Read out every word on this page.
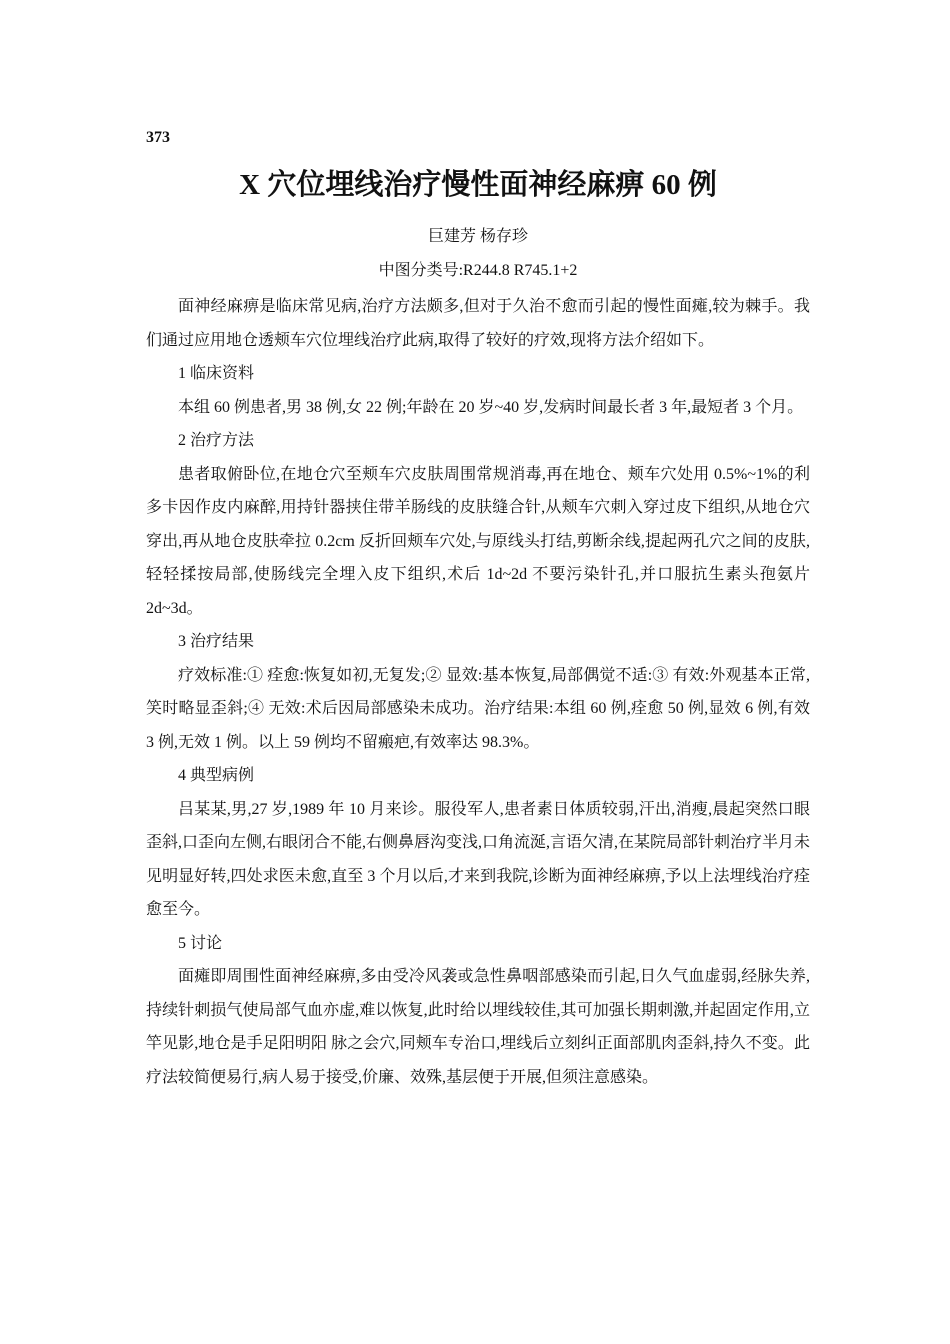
373
X 穴位埋线治疗慢性面神经麻痹 60 例
巨建芳 杨存珍
中图分类号:R244.8 R745.1+2

面神经麻痹是临床常见病,治疗方法颇多,但对于久治不愈而引起的慢性面瘫,较为棘手。我们通过应用地仓透颊车穴位埋线治疗此病,取得了较好的疗效,现将方法介绍如下。

1 临床资料

本组 60 例患者,男 38 例,女 22 例;年龄在 20 岁~40 岁,发病时间最长者 3 年,最短者 3 个月。

2 治疗方法

患者取俯卧位,在地仓穴至颊车穴皮肤周围常规消毒,再在地仓、颊车穴处用 0.5%~1%的利多卡因作皮内麻醉,用持针器挟住带羊肠线的皮肤缝合针,从颊车穴刺入穿过皮下组织,从地仓穴穿出,再从地仓皮肤牵拉 0.2cm 反折回颊车穴处,与原线头打结,剪断余线,提起两孔穴之间的皮肤,轻轻揉按局部,使肠线完全埋入皮下组织,术后 1d~2d 不要污染针孔,并口服抗生素头孢氨片 2d~3d。

3 治疗结果

疗效标准:① 痊愈:恢复如初,无复发;② 显效:基本恢复,局部偶觉不适:③ 有效:外观基本正常,笑时略显歪斜;④ 无效:术后因局部感染未成功。治疗结果:本组 60 例,痊愈 50 例,显效 6 例,有效 3 例,无效 1 例。以上 59 例均不留瘢疤,有效率达 98.3%。

4 典型病例

吕某某,男,27 岁,1989 年 10 月来诊。服役军人,患者素日体质较弱,汗出,消瘦,晨起突然口眼歪斜,口歪向左侧,右眼闭合不能,右侧鼻唇沟变浅,口角流涎,言语欠清,在某院局部针刺治疗半月未见明显好转,四处求医未愈,直至 3 个月以后,才来到我院,诊断为面神经麻痹,予以上法埋线治疗痊愈至今。

5 讨论

面瘫即周围性面神经麻痹,多由受冷风袭或急性鼻咽部感染而引起,日久气血虚弱,经脉失养,持续针刺损气使局部气血亦虚,难以恢复,此时给以埋线较佳,其可加强长期刺激,并起固定作用,立竿见影,地仓是手足阳明阳 脉之会穴,同颊车专治口,埋线后立刻纠正面部肌肉歪斜,持久不变。此疗法较简便易行,病人易于接受,价廉、效殊,基层便于开展,但须注意感染。
